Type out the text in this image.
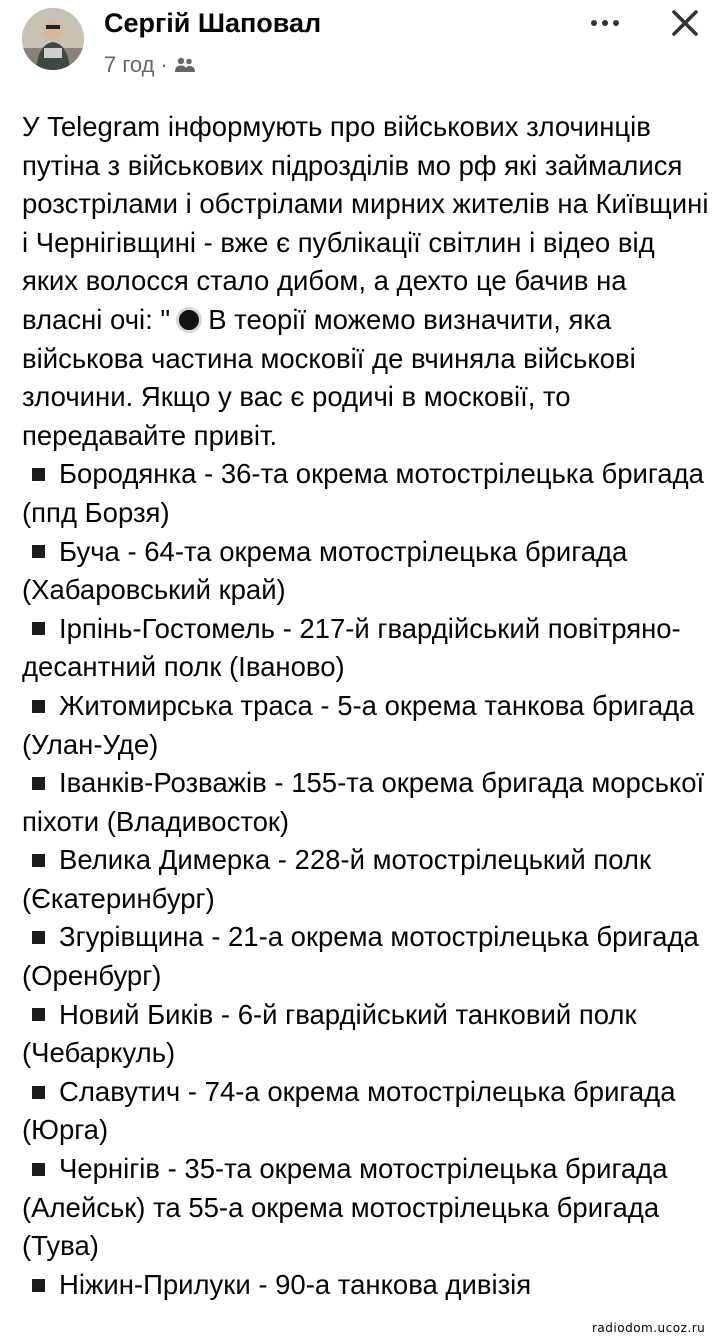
Сергій Шаповал
7 год ·

У Telegram інформують про військових злочинців путіна з військових підрозділів мо рф які займалися розстрілами і обстрілами мирних жителів на Київщині і Чернігівщині - вже є публікації світлин і відео від яких волосся стало дибом, а дехто це бачив на власні очі: " В теорії можемо визначити, яка військова частина московії де вчиняла військові злочини. Якщо у вас є родичі в московії, то передавайте привіт.

Бородянка - 36-та окрема мотострілецька бригада (ппд Борзя)
Буча - 64-та окрема мотострілецька бригада (Хабаровський край)
Ірпінь-Гостомель - 217-й гвардійський повітряно-десантний полк (Іваново)
Житомирська траса - 5-а окрема танкова бригада (Улан-Уде)
Іванків-Розважів - 155-та окрема бригада морської піхоти (Владивосток)
Велика Димерка - 228-й мотострілецький полк (Єкатеринбург)
Згурівщина - 21-а окрема мотострілецька бригада (Оренбург)
Новий Биків - 6-й гвардійський танковий полк (Чебаркуль)
Славутич - 74-а окрема мотострілецька бригада (Юрга)
Чернігів - 35-та окрема мотострілецька бригада (Алейськ) та 55-а окрема мотострілецька бригада (Тува)
Ніжин-Прилуки - 90-а танкова дивізія
radiodom.ucoz.ru
